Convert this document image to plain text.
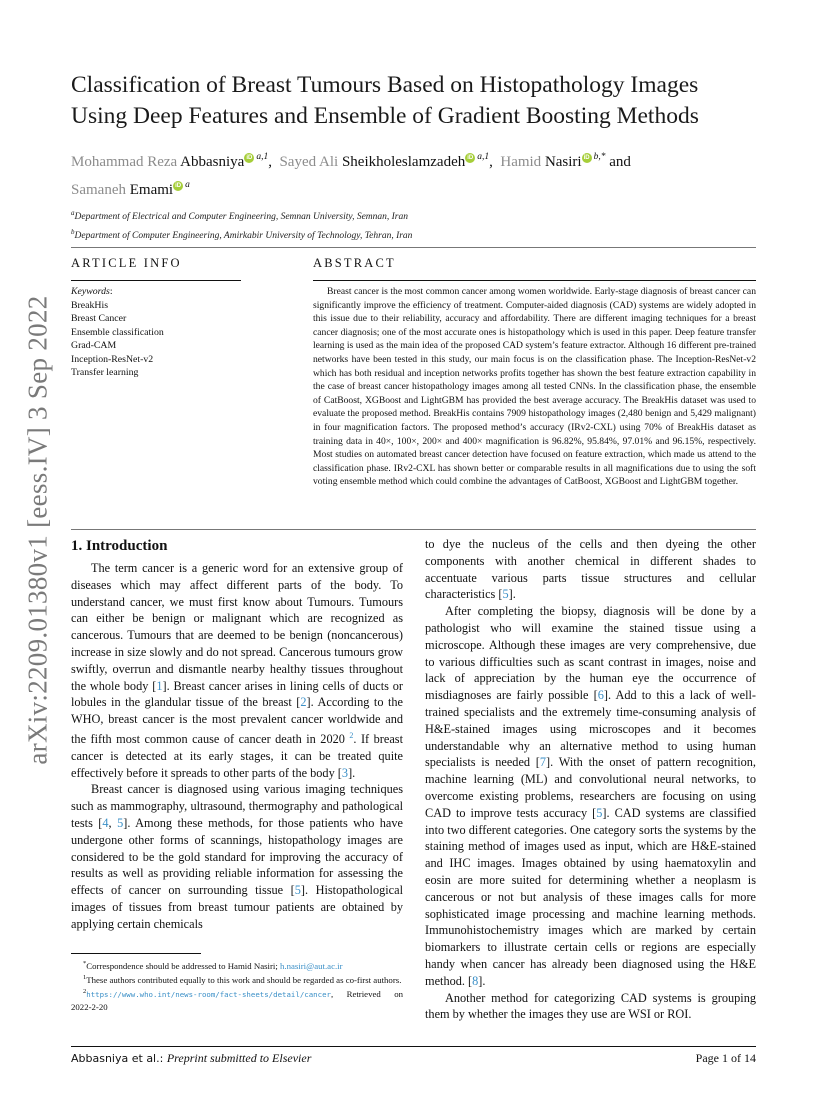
arXiv:2209.01380v1 [eess.IV] 3 Sep 2022
Classification of Breast Tumours Based on Histopathology Images
Using Deep Features and Ensemble of Gradient Boosting Methods
Mohammad Reza Abbasniya iD $^{a,1}$,  Sayed Ali Sheikholeslamzadeh iD $^{a,1}$,  Hamid Nasiri iD $^{b,*}$ and
Samaneh Emami iD $^a$
$^a$Department of Electrical and Computer Engineering, Semnan University, Semnan, Iran
$^b$Department of Computer Engineering, Amirkabir University of Technology, Tehran, Iran
ARTICLE INFO	ABSTRACT
Keywords:
BreakHis
Breast Cancer
Ensemble classification
Grad-CAM
Inception-ResNet-v2
Transfer learning

Breast cancer is the most common cancer among women worldwide. Early-stage diagnosis of breast cancer can significantly improve the efficiency of treatment. Computer-aided diagnosis (CAD) systems are widely adopted in this issue due to their reliability, accuracy and affordability. There are different imaging techniques for a breast cancer diagnosis; one of the most accurate ones is histopathology which is used in this paper. Deep feature transfer learning is used as the main idea of the proposed CAD system’s feature extractor. Although 16 different pre-trained networks have been tested in this study, our main focus is on the classification phase. The Inception-ResNet-v2 which has both residual and inception networks profits together has shown the best feature extraction capability in the case of breast cancer histopathology images among all tested CNNs. In the classification phase, the ensemble of CatBoost, XGBoost and LightGBM has provided the best average accuracy. The BreakHis dataset was used to evaluate the proposed method. BreakHis contains 7909 histopathology images (2,480 benign and 5,429 malignant) in four magnification factors. The proposed method’s accuracy (IRv2-CXL) using 70% of BreakHis dataset as training data in 40×, 100×, 200× and 400× magnification is 96.82%, 95.84%, 97.01% and 96.15%, respectively. Most studies on automated breast cancer detection have focused on feature extraction, which made us attend to the classification phase. IRv2-CXL has shown better or comparable results in all magnifications due to using the soft voting ensemble method which could combine the advantages of CatBoost, XGBoost and LightGBM together.

1. Introduction

The term cancer is a generic word for an extensive group of diseases which may affect different parts of the body. To understand cancer, we must first know about Tumours. Tumours can either be benign or malignant which are recognized as cancerous. Tumours that are deemed to be benign (noncancerous) increase in size slowly and do not spread. Cancerous tumours grow swiftly, overrun and dismantle nearby healthy tissues throughout the whole body [1]. Breast cancer arises in lining cells of ducts or lobules in the glandular tissue of the breast [2]. According to the WHO, breast cancer is the most prevalent cancer worldwide and the fifth most common cause of cancer death in 2020 $^2$. If breast cancer is detected at its early stages, it can be treated quite effectively before it spreads to other parts of the body [3].

Breast cancer is diagnosed using various imaging techniques such as mammography, ultrasound, thermography and pathological tests [4, 5]. Among these methods, for those patients who have undergone other forms of scannings, histopathology images are considered to be the gold standard for improving the accuracy of results as well as providing reliable information for assessing the effects of cancer on surrounding tissue [5]. Histopathological images of tissues from breast tumour patients are obtained by applying certain chemicals

*Correspondence should be addressed to Hamid Nasiri; h.nasiri@aut.ac.ir

$^1$These authors contributed equally to this work and should be regarded as co-first authors.

$^2$https://www.who.int/news-room/fact-sheets/detail/cancer, Retrieved on 2022-2-20

to dye the nucleus of the cells and then dyeing the other components with another chemical in different shades to accentuate various parts tissue structures and cellular characteristics [5].

After completing the biopsy, diagnosis will be done by a pathologist who will examine the stained tissue using a microscope. Although these images are very comprehensive, due to various difficulties such as scant contrast in images, noise and lack of appreciation by the human eye the occurrence of misdiagnoses are fairly possible [6]. Add to this a lack of well-trained specialists and the extremely time-consuming analysis of H&E-stained images using microscopes and it becomes understandable why an alternative method to using human specialists is needed [7]. With the onset of pattern recognition, machine learning (ML) and convolutional neural networks, to overcome existing problems, researchers are focusing on using CAD to improve tests accuracy [5]. CAD systems are classified into two different categories. One category sorts the systems by the staining method of images used as input, which are H&E-stained and IHC images. Images obtained by using haematoxylin and eosin are more suited for determining whether a neoplasm is cancerous or not but analysis of these images calls for more sophisticated image processing and machine learning methods. Immunohistochemistry images which are marked by certain biomarkers to illustrate certain cells or regions are especially handy when cancer has already been diagnosed using the H&E method. [8].

Another method for categorizing CAD systems is grouping them by whether the images they use are WSI or ROI.

Abbasniya et al.: Preprint submitted to Elsevier	Page 1 of 14
